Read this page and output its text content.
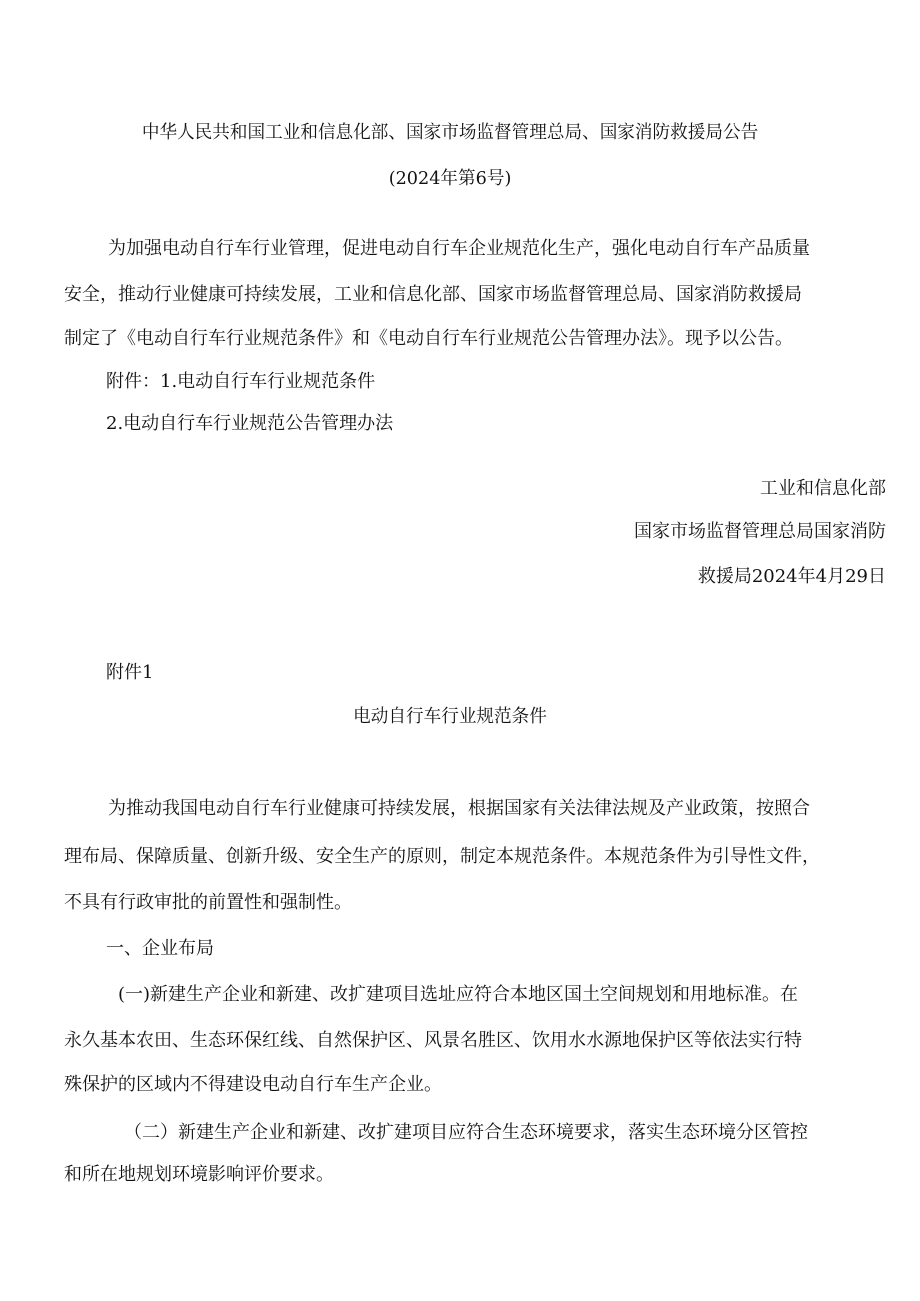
中华人民共和国工业和信息化部、国家市场监督管理总局、国家消防救援局公告
(2024年第6号)
为加强电动自行车行业管理，促进电动自行车企业规范化生产，强化电动自行车产品质量
安全，推动行业健康可持续发展，工业和信息化部、国家市场监督管理总局、国家消防救援局
制定了《电动自行车行业规范条件》和《电动自行车行业规范公告管理办法》。现予以公告。
附件：1.电动自行车行业规范条件
2.电动自行车行业规范公告管理办法
工业和信息化部
国家市场监督管理总局国家消防
救援局2024年4月29日
附件1
电动自行车行业规范条件
为推动我国电动自行车行业健康可持续发展，根据国家有关法律法规及产业政策，按照合
理布局、保障质量、创新升级、安全生产的原则，制定本规范条件。本规范条件为引导性文件，
不具有行政审批的前置性和强制性。
一、企业布局
(一)新建生产企业和新建、改扩建项目选址应符合本地区国土空间规划和用地标准。在
永久基本农田、生态环保红线、自然保护区、风景名胜区、饮用水水源地保护区等依法实行特
殊保护的区域内不得建设电动自行车生产企业。
（二）新建生产企业和新建、改扩建项目应符合生态环境要求，落实生态环境分区管控
和所在地规划环境影响评价要求。
